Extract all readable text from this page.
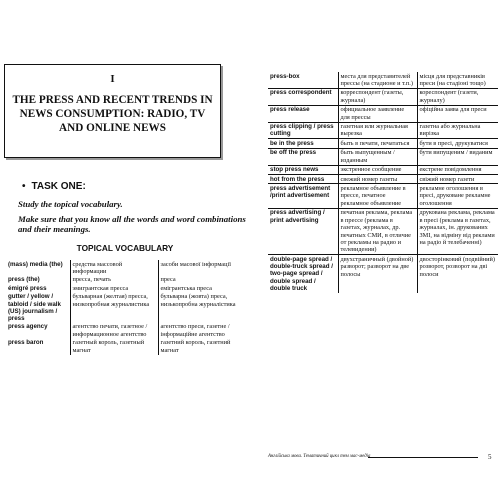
I
THE PRESS AND RECENT TRENDS IN NEWS CONSUMPTION: RADIO, TV AND ONLINE NEWS
• TASK ONE:

Study the topical vocabulary.

Make sure that you know all the words and word combinations and their meanings.

TOPICAL VOCABULARY
(mass) media (the)	средства массовой информации	засоби масової інформації
press (the)	пресса, печать	преса
émigré press	эмигрантская пресса	емігрантська преса
gutter / yellow / tabloid / side walk (US) journalism / press	бульварная (желтая) пресса, низкопробная журналистика	бульварна (жовта) преса, низькопробна журналістика
press agency	агентство печати, газетное / информационное агентство	агентство преси, газетне / інформаційне агентство
press baron	газетный король, газетный магнат	газетний король, газетний магнат
press-box	места для представителей прессы (на стадионе и т.п.)	місця для представників преси (на стадіоні тощо)
press correspondent	корреспондент (газеты, журнала)	кореспондент (газети, журналу)
press release	официальное заявление для прессы	офіційна заява для преси
press clipping / press cutting	газетная или журнальная вырезка	газетна або журнальна вирізка
be in the press	быть в печати, печататься	бути в пресі, друкуватися
be off the press	быть выпущенным / изданным	бути випущеним / виданим
stop press news	экстренное сообщение	екстрене повідомлення
hot from the press	свежий номер газеты	свіжий номер газети
press advertisement /print advertisement	рекламное объявление в прессе, печатное рекламное объявление	рекламне оголошення в пресі, друковане рекламне оголошення
press advertising / print advertising	печатная реклама, реклама в прессе (реклама в газетах, журналах, др. печатных СМИ, в отличие от рекламы на радио и телевидении)	друкована реклама, реклама в пресі (реклама в газетах, журналах, ін. друкованих ЗМІ, на відміну від реклами на радіо й телебаченні)
double-page spread / double-truck spread / two-page spread / double spread / double truck	двухстраничный (двойной) разворот; разворот на две полосы	двосторінковий (подвійний) розворот, розворот на дві полоси
Англійська мова. Тематичний цикл тем мас-медіа	5
